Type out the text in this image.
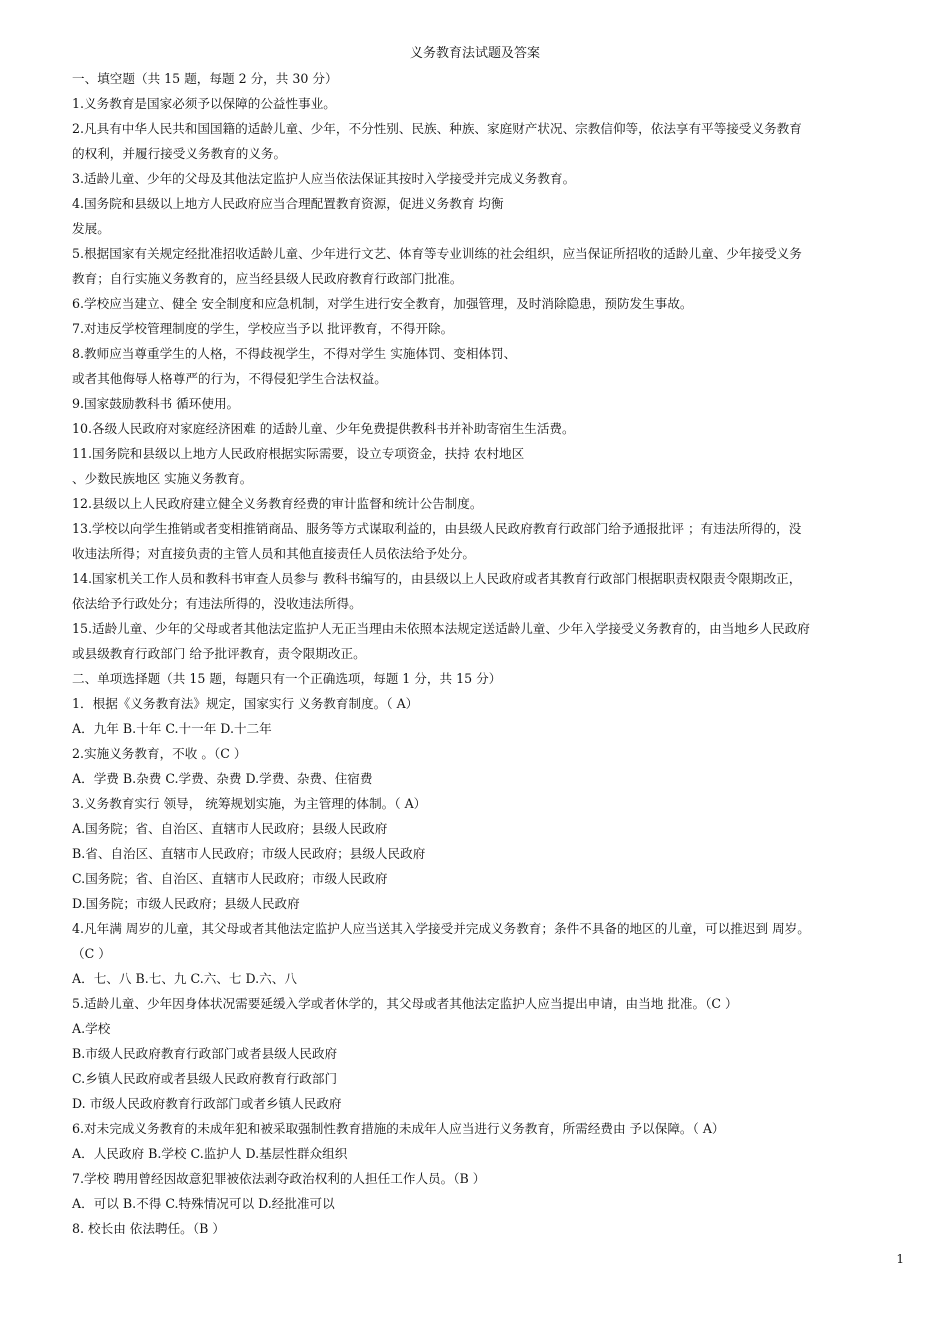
义务教育法试题及答案
一、填空题（共 15 题，每题 2 分，共 30 分）
1.义务教育是国家必须予以保障的公益性事业。
2.凡具有中华人民共和国国籍的适龄儿童、少年，不分性别、民族、种族、家庭财产状况、宗教信仰等，依法享有平等接受义务教育
的权利，并履行接受义务教育的义务。
3.适龄儿童、少年的父母及其他法定监护人应当依法保证其按时入学接受并完成义务教育。
4.国务院和县级以上地方人民政府应当合理配置教育资源，促进义务教育 均衡
发展。
5.根据国家有关规定经批准招收适龄儿童、少年进行文艺、体育等专业训练的社会组织，应当保证所招收的适龄儿童、少年接受义务
教育；自行实施义务教育的，应当经县级人民政府教育行政部门批准。
6.学校应当建立、健全 安全制度和应急机制，对学生进行安全教育，加强管理，及时消除隐患，预防发生事故。
7.对违反学校管理制度的学生，学校应当予以 批评教育，不得开除。
8.教师应当尊重学生的人格，不得歧视学生，不得对学生 实施体罚、变相体罚、
或者其他侮辱人格尊严的行为，不得侵犯学生合法权益。
9.国家鼓励教科书 循环使用。
10.各级人民政府对家庭经济困难 的适龄儿童、少年免费提供教科书并补助寄宿生生活费。
11.国务院和县级以上地方人民政府根据实际需要，设立专项资金，扶持 农村地区
、少数民族地区 实施义务教育。
12.县级以上人民政府建立健全义务教育经费的审计监督和统计公告制度。
13.学校以向学生推销或者变相推销商品、服务等方式谋取利益的，由县级人民政府教育行政部门给予通报批评 ；有违法所得的，没
收违法所得；对直接负责的主管人员和其他直接责任人员依法给予处分。
14.国家机关工作人员和教科书审查人员参与 教科书编写的，由县级以上人民政府或者其教育行政部门根据职责权限责令限期改正，
依法给予行政处分；有违法所得的，没收违法所得。
15.适龄儿童、少年的父母或者其他法定监护人无正当理由未依照本法规定送适龄儿童、少年入学接受义务教育的，由当地乡人民政府
或县级教育行政部门 给予批评教育，责令限期改正。
二、单项选择题（共 15 题，每题只有一个正确选项，每题 1 分，共 15 分）
1．根据《义务教育法》规定，国家实行 义务教育制度。（ A）
A．九年 B.十年 C.十一年 D.十二年
2.实施义务教育，不收 。（C ）
A．学费 B.杂费 C.学费、杂费 D.学费、杂费、住宿费
3.义务教育实行 领导， 统筹规划实施，为主管理的体制。（ A）
A.国务院；省、自治区、直辖市人民政府；县级人民政府
B.省、自治区、直辖市人民政府；市级人民政府；县级人民政府
C.国务院；省、自治区、直辖市人民政府；市级人民政府
D.国务院；市级人民政府；县级人民政府
4.凡年满 周岁的儿童，其父母或者其他法定监护人应当送其入学接受并完成义务教育；条件不具备的地区的儿童，可以推迟到 周岁。
（C ）
A．七、八 B.七、九 C.六、七 D.六、八
5.适龄儿童、少年因身体状况需要延缓入学或者休学的，其父母或者其他法定监护人应当提出申请，由当地 批准。（C ）
A.学校
B.市级人民政府教育行政部门或者县级人民政府
C.乡镇人民政府或者县级人民政府教育行政部门
D. 市级人民政府教育行政部门或者乡镇人民政府
6.对未完成义务教育的未成年犯和被采取强制性教育措施的未成年人应当进行义务教育，所需经费由 予以保障。（ A）
A．人民政府 B.学校 C.监护人 D.基层性群众组织
7.学校 聘用曾经因故意犯罪被依法剥夺政治权利的人担任工作人员。（B ）
A．可以 B.不得 C.特殊情况可以 D.经批准可以
8. 校长由 依法聘任。（B ）
1
